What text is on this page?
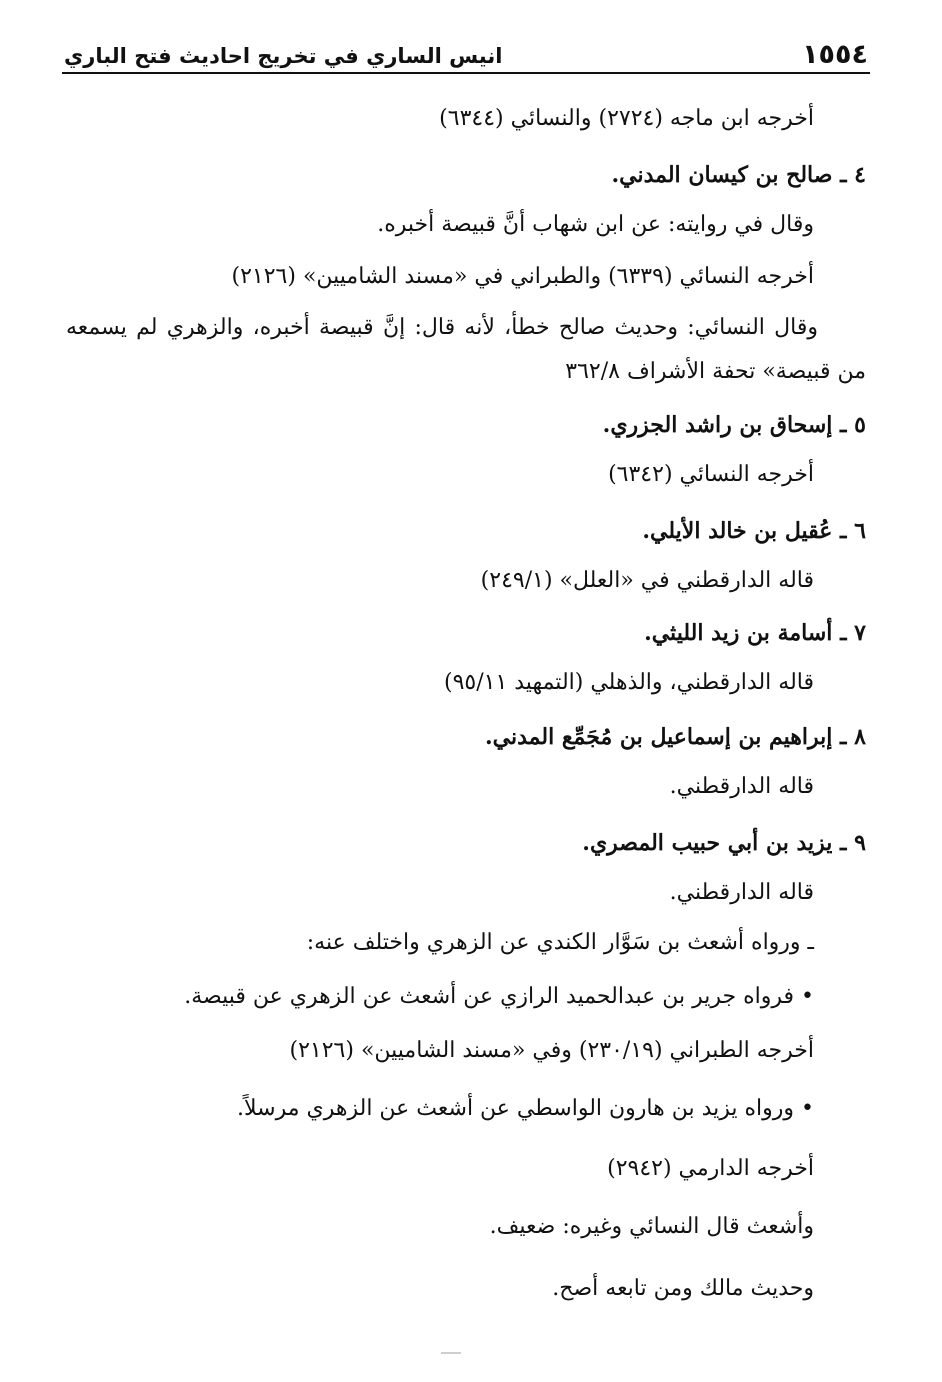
١٥٥٤
انيس الساري في تخريج احاديث فتح الباري
أخرجه ابن ماجه (٢٧٢٤) والنسائي (٦٣٤٤)
٤ ـ صالح بن كيسان المدني.
وقال في روايته: عن ابن شهاب أنَّ قبيصة أخبره.
أخرجه النسائي (٦٣٣٩) والطبراني في «مسند الشاميين» (٢١٢٦)
وقال النسائي: وحديث صالح خطأ، لأنه قال: إنَّ قبيصة أخبره، والزهري لم يسمعه من قبيصة» تحفة الأشراف ٣٦٢/٨
٥ ـ إسحاق بن راشد الجزري.
أخرجه النسائي (٦٣٤٢)
٦ ـ عُقيل بن خالد الأيلي.
قاله الدارقطني في «العلل» (٢٤٩/١)
٧ ـ أسامة بن زيد الليثي.
قاله الدارقطني، والذهلي (التمهيد ٩٥/١١)
٨ ـ إبراهيم بن إسماعيل بن مُجَمِّع المدني.
قاله الدارقطني.
٩ ـ يزيد بن أبي حبيب المصري.
قاله الدارقطني.
ـ ورواه أشعث بن سَوَّار الكندي عن الزهري واختلف عنه:
• فرواه جرير بن عبدالحميد الرازي عن أشعث عن الزهري عن قبيصة.
أخرجه الطبراني (٢٣٠/١٩) وفي «مسند الشاميين» (٢١٢٦)
• ورواه يزيد بن هارون الواسطي عن أشعث عن الزهري مرسلاً.
أخرجه الدارمي (٢٩٤٢)
وأشعث قال النسائي وغيره: ضعيف.
وحديث مالك ومن تابعه أصح.
